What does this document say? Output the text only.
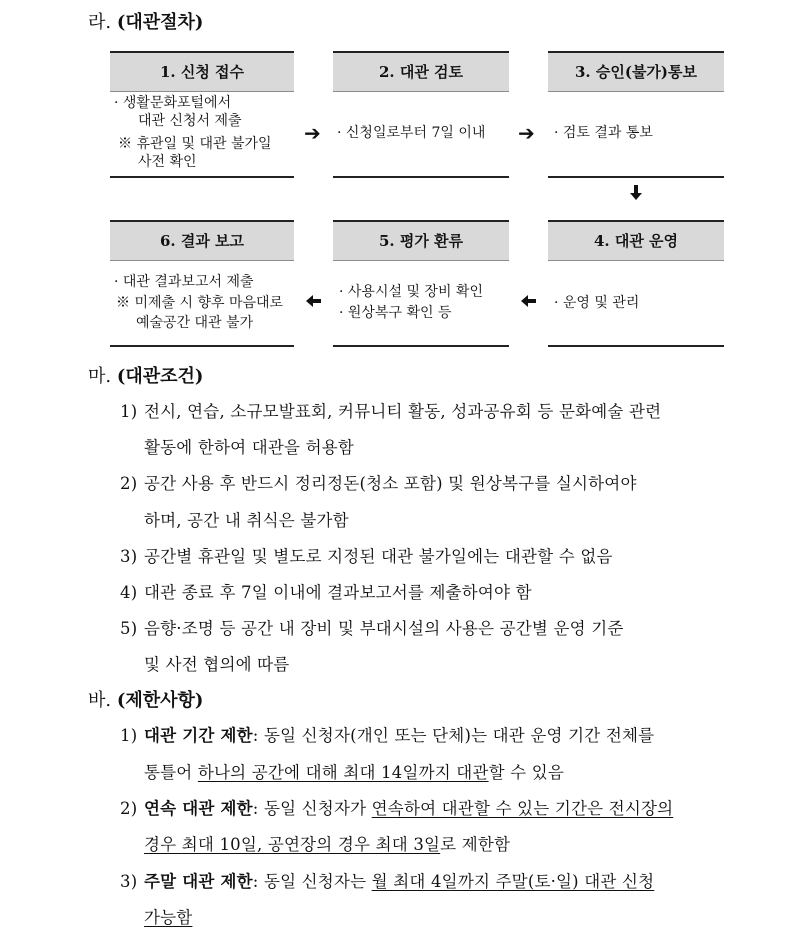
라. (대관절차)
1. 신청 접수
· 생활문화포털에서
대관 신청서 제출
※ 휴관일 및 대관 불가일
사전 확인
➔
2. 대관 검토
· 신청일로부터 7일 이내 ➔
3. 승인(불가)통보
· 검토 결과 통보
6. 결과 보고
· 대관 결과보고서 제출
※ 미제출 시 향후 마음대로
예술공간 대관 불가
5. 평가 환류
· 사용시설 및 장비 확인
· 원상복구 확인 등
4. 대관 운영
· 운영 및 관리
마. (대관조건)
1) 전시, 연습, 소규모발표회, 커뮤니티 활동, 성과공유회 등 문화예술 관련
활동에 한하여 대관을 허용함
2) 공간 사용 후 반드시 정리정돈(청소 포함) 및 원상복구를 실시하여야
하며, 공간 내 취식은 불가함
3) 공간별 휴관일 및 별도로 지정된 대관 불가일에는 대관할 수 없음
4) 대관 종료 후 7일 이내에 결과보고서를 제출하여야 함
5) 음향·조명 등 공간 내 장비 및 부대시설의 사용은 공간별 운영 기준
및 사전 협의에 따름
바. (제한사항)
1) 대관 기간 제한: 동일 신청자(개인 또는 단체)는 대관 운영 기간 전체를
통틀어 하나의 공간에 대해 최대 14일까지 대관할 수 있음
2) 연속 대관 제한: 동일 신청자가 연속하여 대관할 수 있는 기간은 전시장의
경우 최대 10일, 공연장의 경우 최대 3일로 제한함
3) 주말 대관 제한: 동일 신청자는 월 최대 4일까지 주말(토·일) 대관 신청
가능함
